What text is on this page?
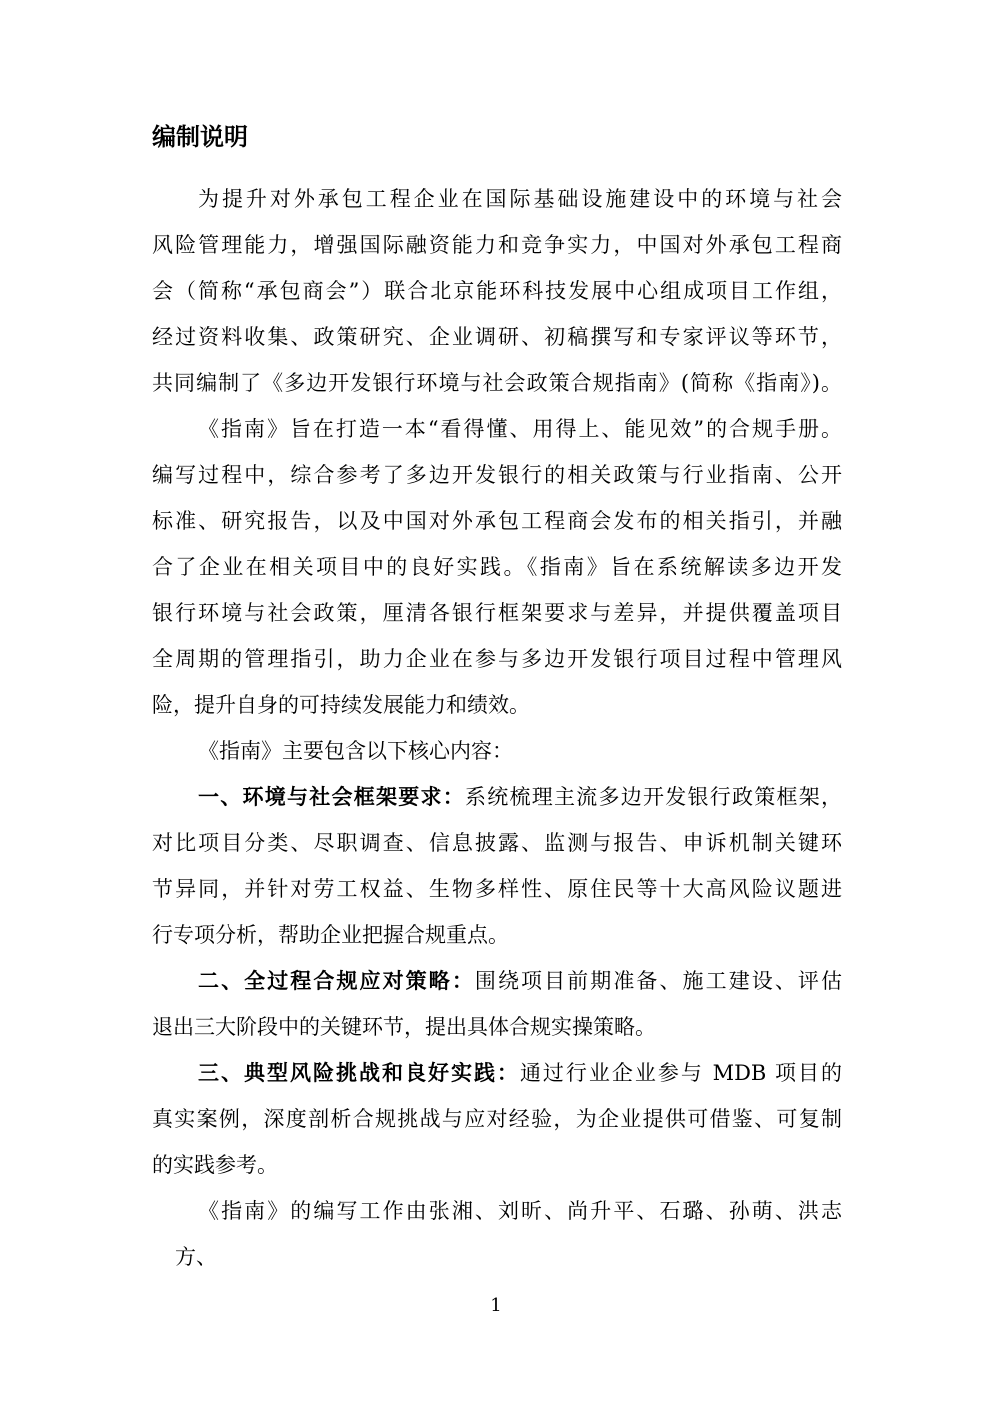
编制说明
为提升对外承包工程企业在国际基础设施建设中的环境与社会
风险管理能力，增强国际融资能力和竞争实力，中国对外承包工程商
会（简称“承包商会”）联合北京能环科技发展中心组成项目工作组，
经过资料收集、政策研究、企业调研、初稿撰写和专家评议等环节，
共同编制了《多边开发银行环境与社会政策合规指南》(简称《指南》)。
《指南》旨在打造一本“看得懂、用得上、能见效”的合规手册。
编写过程中，综合参考了多边开发银行的相关政策与行业指南、公开
标准、研究报告，以及中国对外承包工程商会发布的相关指引，并融
合了企业在相关项目中的良好实践。《指南》旨在系统解读多边开发
银行环境与社会政策，厘清各银行框架要求与差异，并提供覆盖项目
全周期的管理指引，助力企业在参与多边开发银行项目过程中管理风
险，提升自身的可持续发展能力和绩效。
《指南》主要包含以下核心内容：
一、环境与社会框架要求：系统梳理主流多边开发银行政策框架，
对比项目分类、尽职调查、信息披露、监测与报告、申诉机制关键环
节异同，并针对劳工权益、生物多样性、原住民等十大高风险议题进
行专项分析，帮助企业把握合规重点。
二、全过程合规应对策略：围绕项目前期准备、施工建设、评估
退出三大阶段中的关键环节，提出具体合规实操策略。
三、典型风险挑战和良好实践：通过行业企业参与 MDB 项目的
真实案例，深度剖析合规挑战与应对经验，为企业提供可借鉴、可复制
的实践参考。
《指南》的编写工作由张湘、刘昕、尚升平、石璐、孙萌、洪志
方、
1
